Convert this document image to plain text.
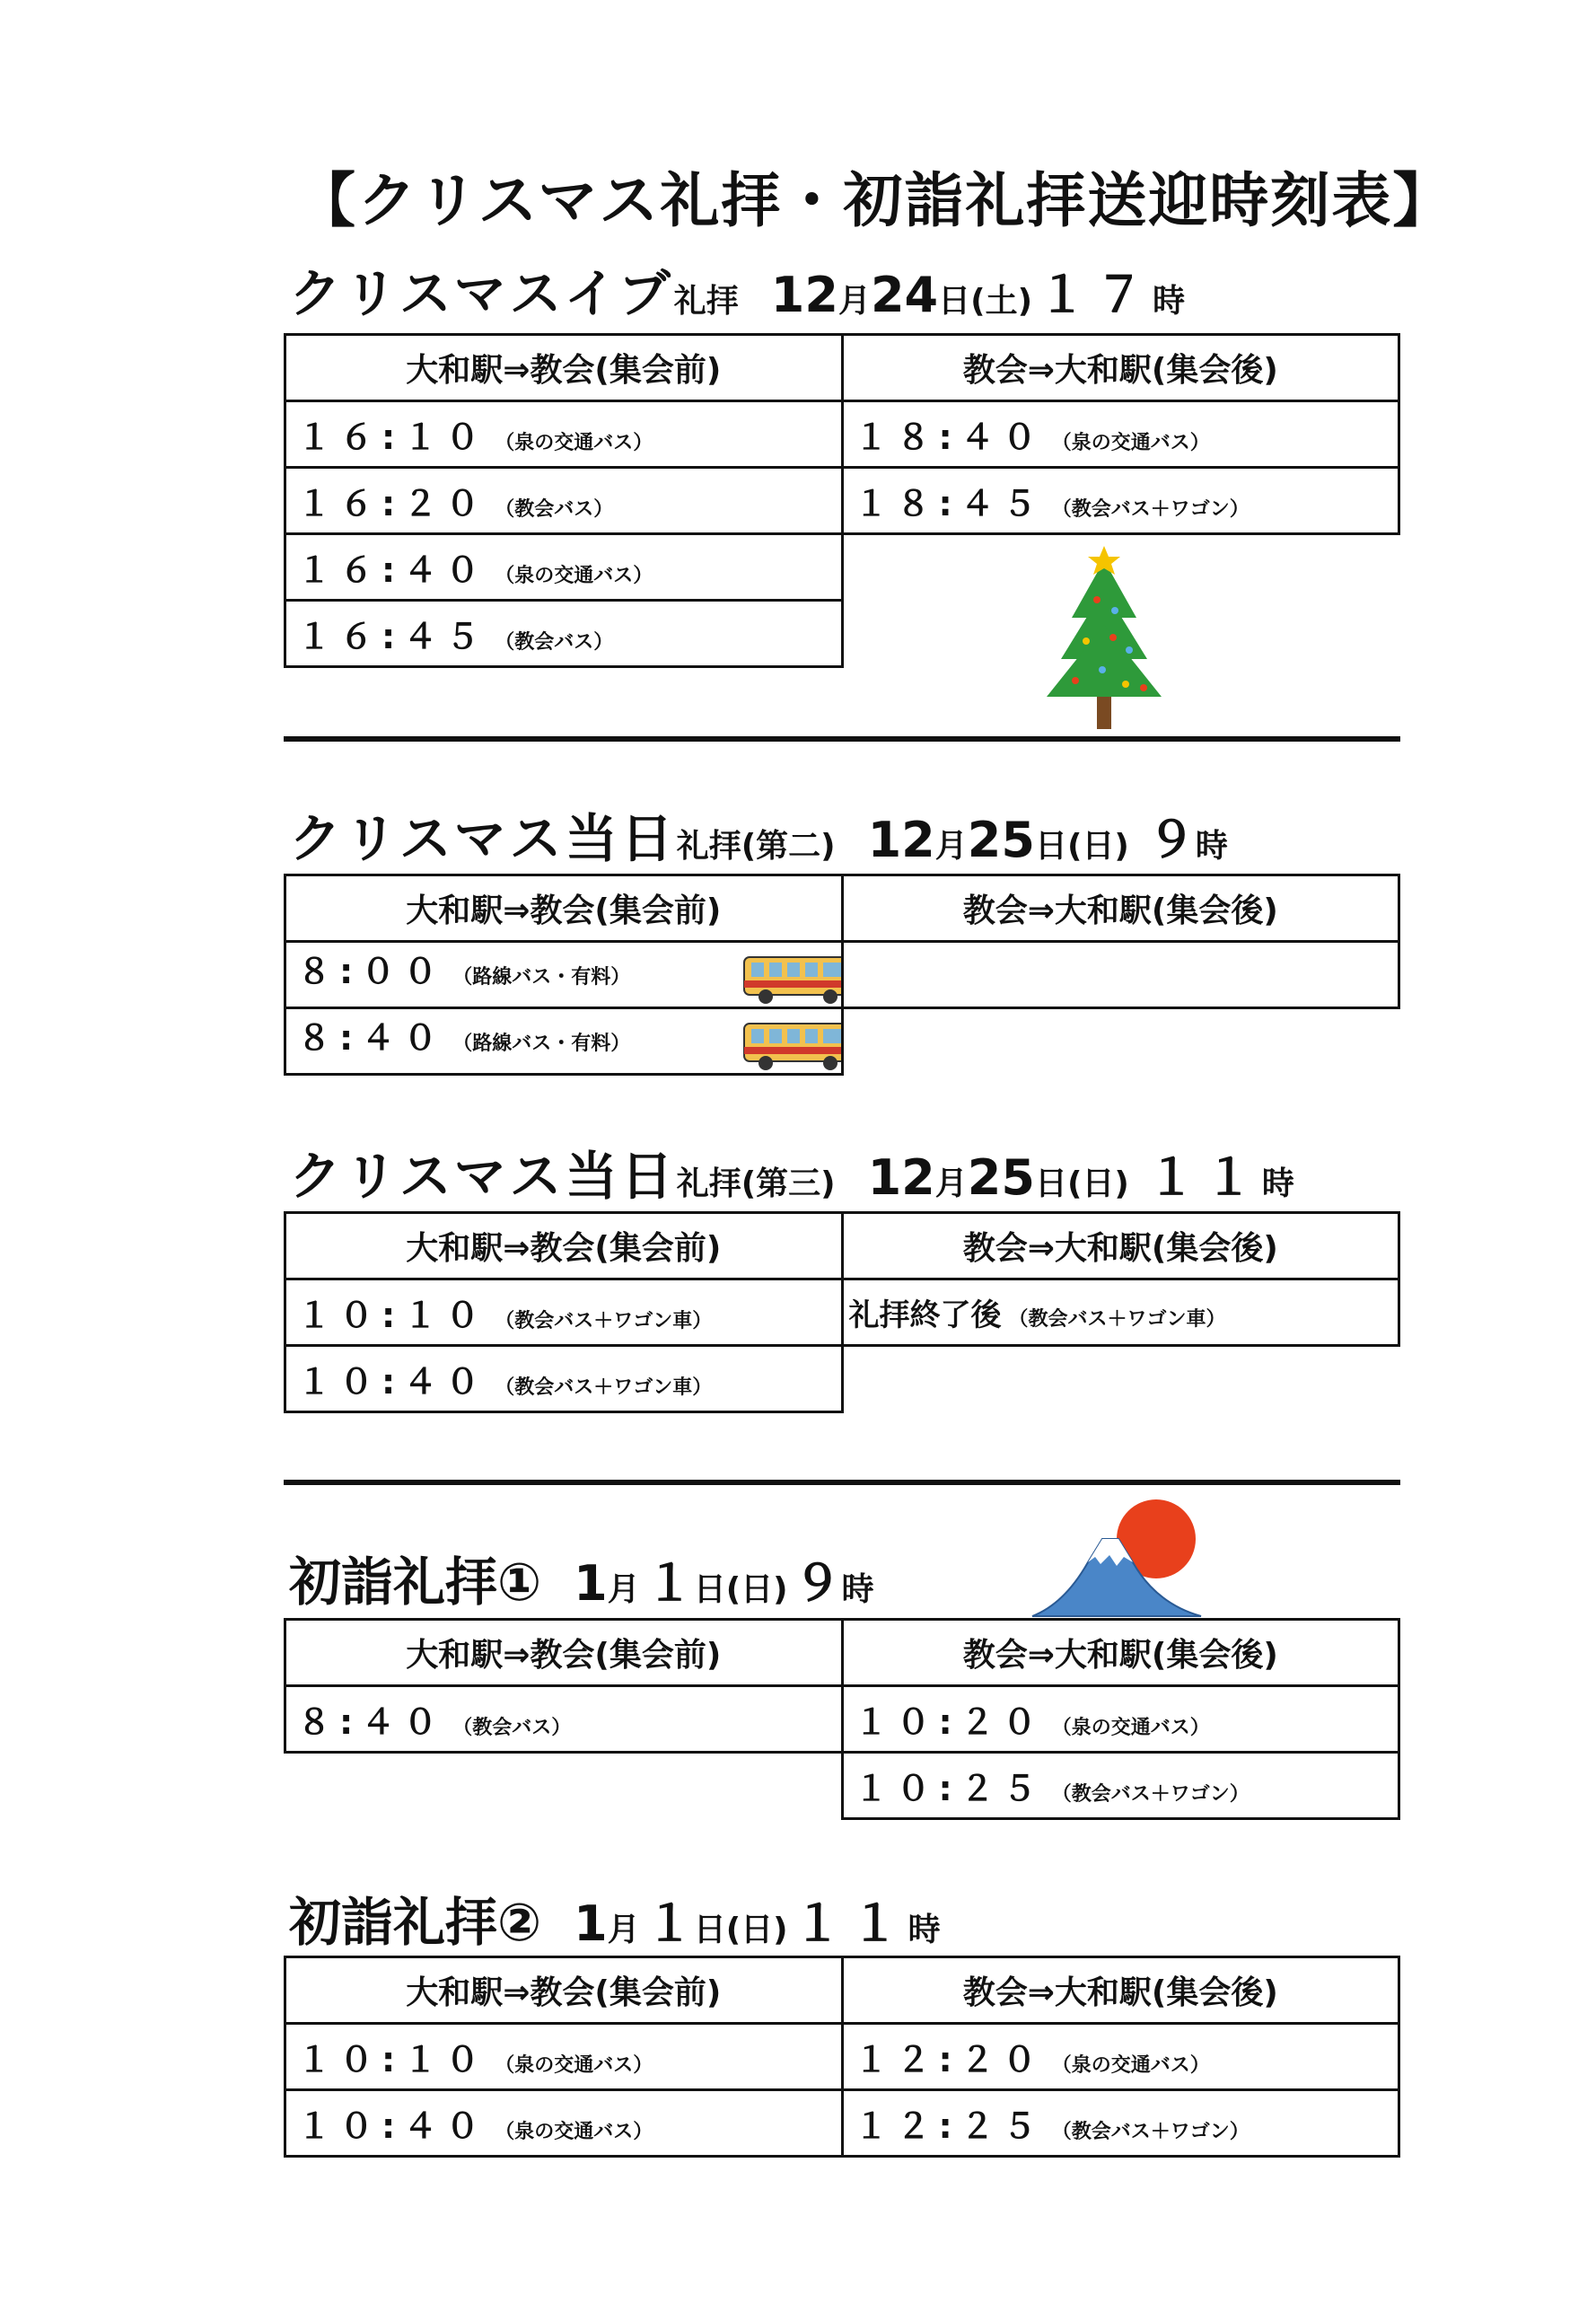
【クリスマス礼拝・初詣礼拝送迎時刻表】
クリスマスイブ礼拝 12月24日(土) １７時
大和駅⇒教会(集会前)	教会⇒大和駅(集会後)
１６:１０ （泉の交通バス）	１８:４０ （泉の交通バス）
１６:２０ （教会バス）	１８:４５ （教会バス＋ワゴン）
１６:４０ （泉の交通バス）	
１６:４５ （教会バス）	
クリスマス当日礼拝(第二) 12月25日(日) ９時
大和駅⇒教会(集会前)	教会⇒大和駅(集会後)
８:００ （路線バス・有料）	
８:４０ （路線バス・有料）	
クリスマス当日礼拝(第三) 12月25日(日) １１時
大和駅⇒教会(集会前)	教会⇒大和駅(集会後)
１０:１０ （教会バス＋ワゴン車）	礼拝終了後 （教会バス＋ワゴン車）
１０:４０ （教会バス＋ワゴン車）	
初詣礼拝① 1月 １日(日) ９時
大和駅⇒教会(集会前)	教会⇒大和駅(集会後)
８:４０ （教会バス）	１０:２０ （泉の交通バス）
	１０:２５ （教会バス＋ワゴン）
初詣礼拝② 1月 １日(日) １１時
大和駅⇒教会(集会前)	教会⇒大和駅(集会後)
１０:１０ （泉の交通バス）	１２:２０ （泉の交通バス）
１０:４０ （泉の交通バス）	１２:２５ （教会バス＋ワゴン）
